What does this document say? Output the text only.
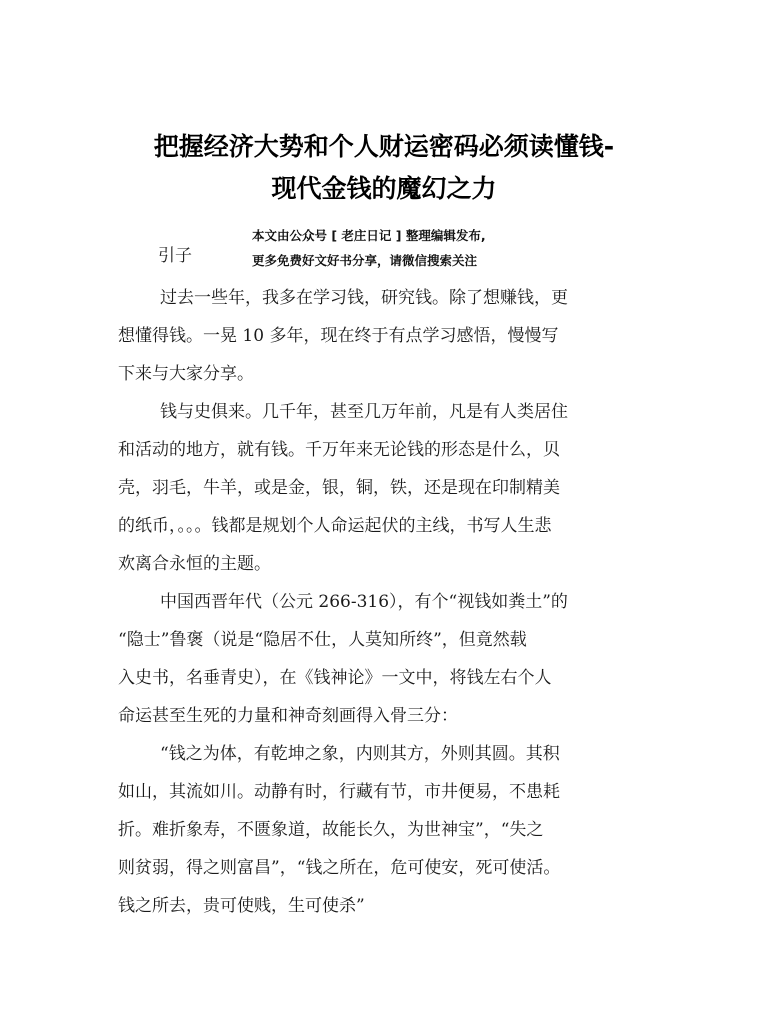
把握经济大势和个人财运密码必须读懂钱-
现代金钱的魔幻之力
本文由公众号 [ 老庄日记 ] 整理编辑发布,
更多免费好文好书分享，请微信搜索关注
引子
过去一些年，我多在学习钱，研究钱。除了想赚钱，更
想懂得钱。一晃 10 多年，现在终于有点学习感悟，慢慢写
下来与大家分享。
钱与史俱来。几千年，甚至几万年前，凡是有人类居住
和活动的地方，就有钱。千万年来无论钱的形态是什么，贝
壳，羽毛，牛羊，或是金，银，铜，铁，还是现在印制精美
的纸币，。。。钱都是规划个人命运起伏的主线，书写人生悲
欢离合永恒的主题。
中国西晋年代（公元 266-316），有个“视钱如粪土”的
“隐士”鲁褒（说是“隐居不仕，人莫知所终”，但竟然载
入史书，名垂青史），在《钱神论》一文中，将钱左右个人
命运甚至生死的力量和神奇刻画得入骨三分：
“钱之为体，有乾坤之象，内则其方，外则其圆。其积
如山，其流如川。动静有时，行藏有节，市井便易，不患耗
折。难折象寿，不匮象道，故能长久，为世神宝”，“失之
则贫弱，得之则富昌”，“钱之所在，危可使安，死可使活。
钱之所去，贵可使贱，生可使杀”
